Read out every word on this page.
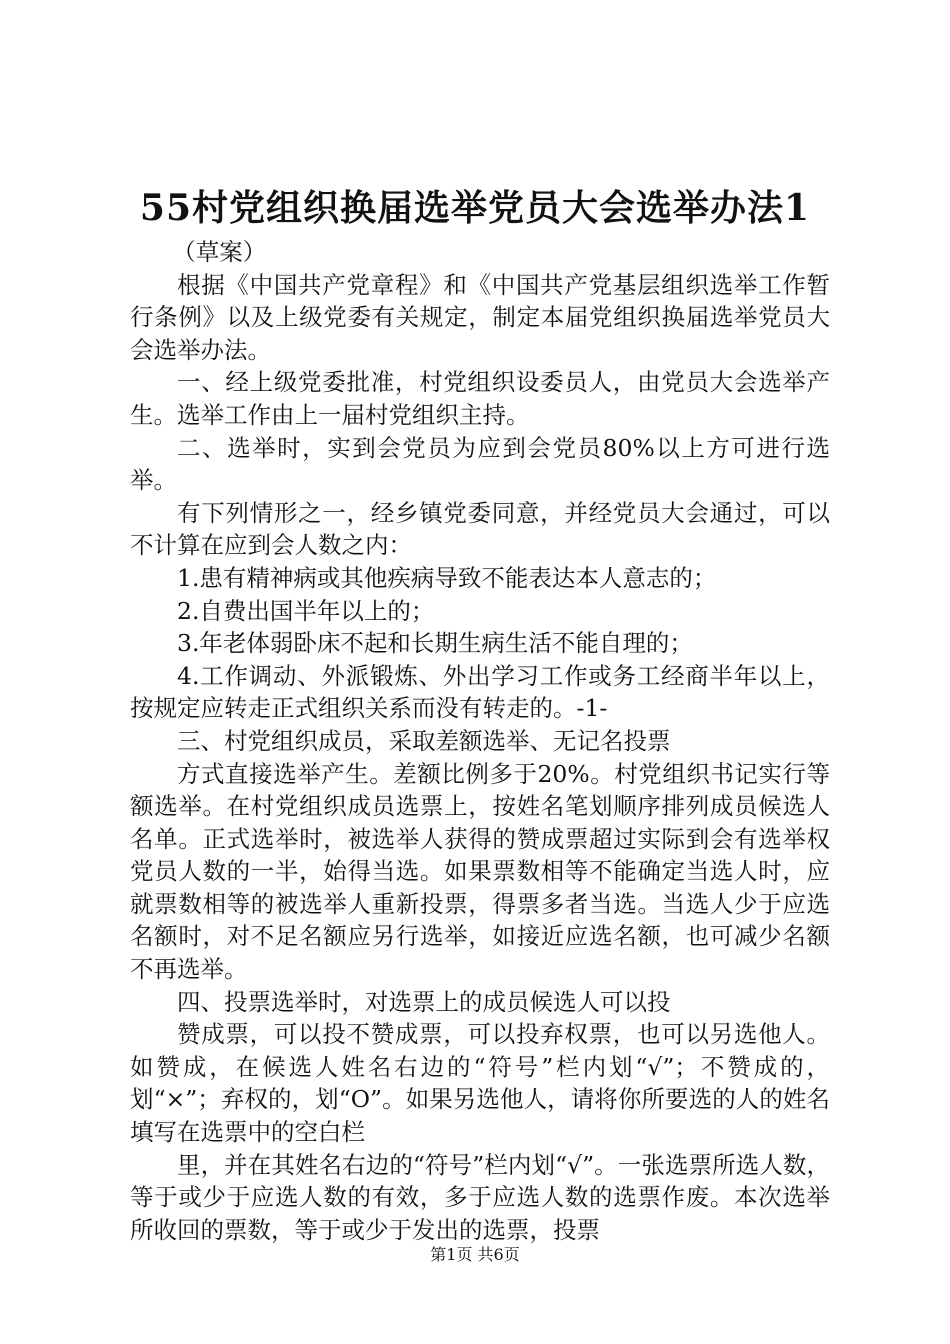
55村党组织换届选举党员大会选举办法1

（草案）

根据《中国共产党章程》和《中国共产党基层组织选举工作暂行条例》以及上级党委有关规定，制定本届党组织换届选举党员大会选举办法。

一、经上级党委批准，村党组织设委员人，由党员大会选举产生。选举工作由上一届村党组织主持。

二、选举时，实到会党员为应到会党员80%以上方可进行选举。

有下列情形之一，经乡镇党委同意，并经党员大会通过，可以不计算在应到会人数之内：

1.患有精神病或其他疾病导致不能表达本人意志的；

2.自费出国半年以上的；

3.年老体弱卧床不起和长期生病生活不能自理的；

4.工作调动、外派锻炼、外出学习工作或务工经商半年以上，按规定应转走正式组织关系而没有转走的。-1-

三、村党组织成员，采取差额选举、无记名投票

方式直接选举产生。差额比例多于20%。村党组织书记实行等额选举。在村党组织成员选票上，按姓名笔划顺序排列成员候选人名单。正式选举时，被选举人获得的赞成票超过实际到会有选举权党员人数的一半，始得当选。如果票数相等不能确定当选人时，应就票数相等的被选举人重新投票，得票多者当选。当选人少于应选名额时，对不足名额应另行选举，如接近应选名额，也可减少名额不再选举。

四、投票选举时，对选票上的成员候选人可以投

赞成票，可以投不赞成票，可以投弃权票，也可以另选他人。如赞成，在候选人姓名右边的“符号”栏内划“√”；不赞成的，划“×”；弃权的，划“O”。如果另选他人，请将你所要选的人的姓名填写在选票中的空白栏

里，并在其姓名右边的“符号”栏内划“√”。一张选票所选人数，等于或少于应选人数的有效，多于应选人数的选票作废。本次选举所收回的票数，等于或少于发出的选票，投票

第1页 共6页
